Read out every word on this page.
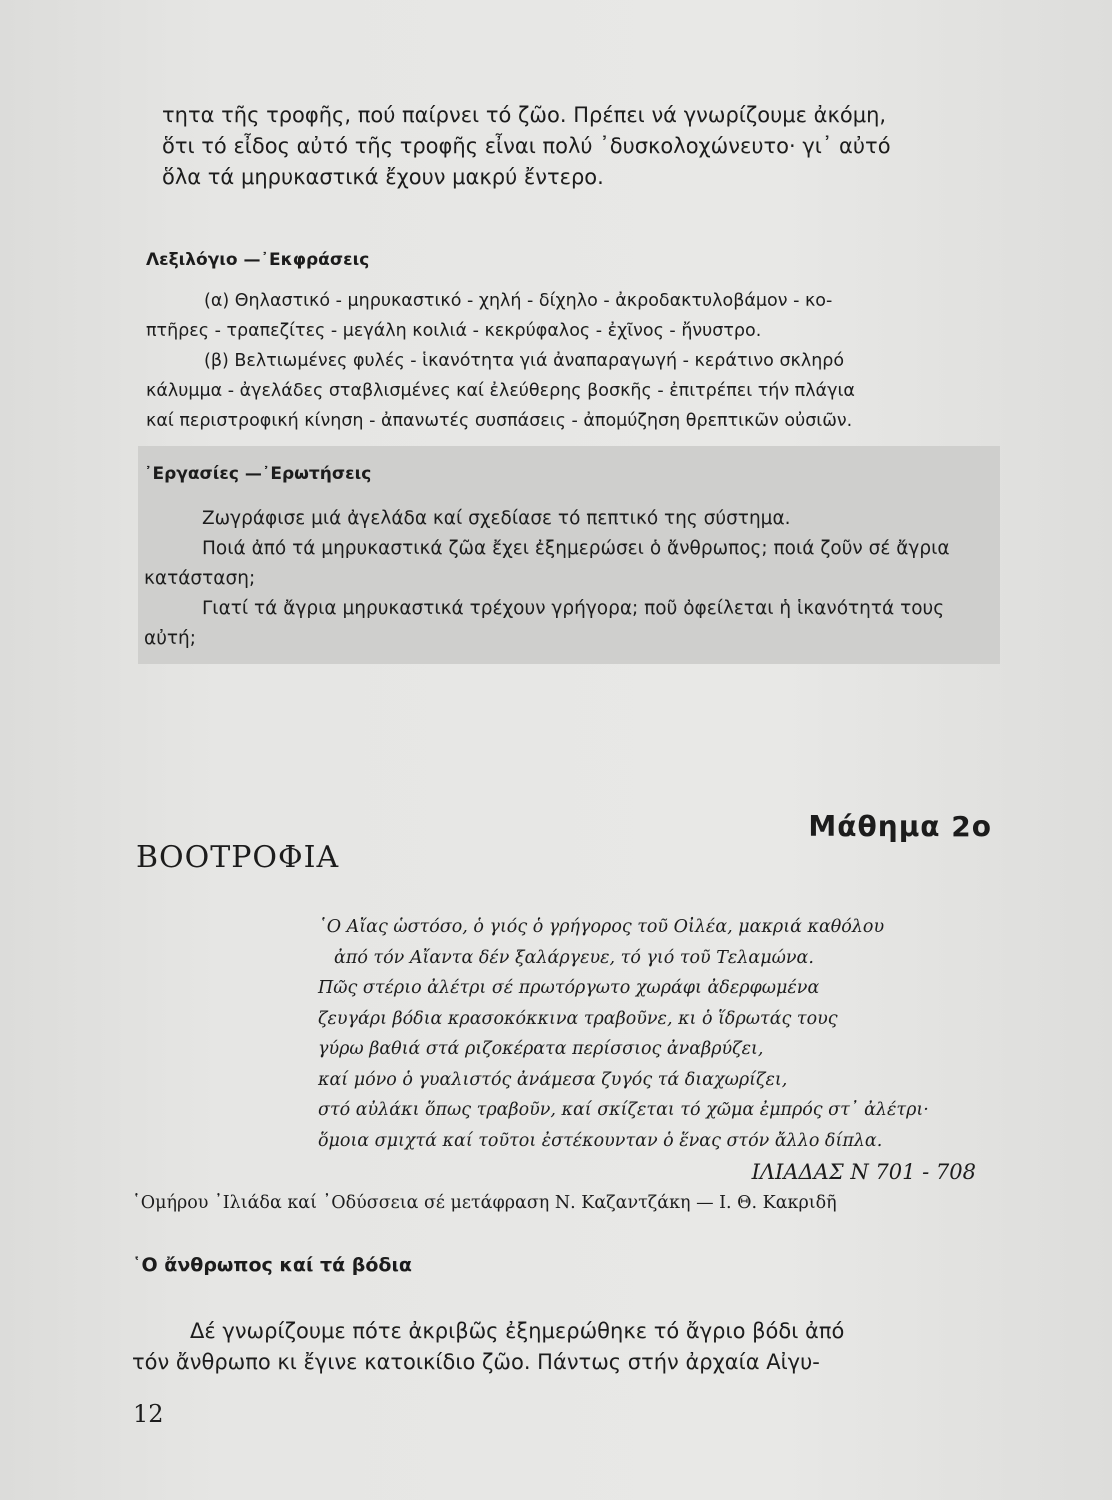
τητα τῆς τροφῆς, πού παίρνει τό ζῶο. Πρέπει νά γνωρίζουμε ἀκόμη,

ὅτι τό εἶδος αὐτό τῆς τροφῆς εἶναι πολύ ᾿δυσκολοχώνευτο· γι᾽ αὐτό

ὅλα τά μηρυκαστικά ἔχουν μακρύ ἔντερο.

Λεξιλόγιο —᾿Εκφράσεις

(α) Θηλαστικό - μηρυκαστικό - χηλή - δίχηλο - ἀκροδακτυλοβάμον - κο-

πτῆρες - τραπεζίτες - μεγάλη κοιλιά - κεκρύφαλος - ἐχῖνος - ἤνυστρο.

(β) Βελτιωμένες φυλές - ἱκανότητα γιά ἀναπαραγωγή - κεράτινο σκληρό

κάλυμμα - ἀγελάδες σταβλισμένες καί ἐλεύθερης βοσκῆς - ἐπιτρέπει τήν πλάγια

καί περιστροφική κίνηση - ἀπανωτές συσπάσεις - ἀπομύζηση θρεπτικῶν οὐσιῶν.

᾿Εργασίες —᾿Ερωτήσεις

Ζωγράφισε μιά ἀγελάδα καί σχεδίασε τό πεπτικό της σύστημα.

Ποιά ἀπό τά μηρυκαστικά ζῶα ἔχει ἐξημερώσει ὁ ἄνθρωπος; ποιά ζοῦν σέ ἄγρια κατάσταση;

Γιατί τά ἄγρια μηρυκαστικά τρέχουν γρήγορα; ποῦ ὀφείλεται ἡ ἱκανότητά τους αὐτή;

Μάθημα 2ο
ΒΟΟΤΡΟΦΙΑ

῾Ο Αἴας ὡστόσο, ὁ γιός ὁ γρήγορος τοῦ Οἰλέα, μακριά καθόλου

ἀπό τόν Αἴαντα δέν ξαλάργευε, τό γιό τοῦ Τελαμώνα.

Πῶς στέριο ἀλέτρι σέ πρωτόργωτο χωράφι ἀδερφωμένα

ζευγάρι βόδια κρασοκόκκινα τραβοῦνε, κι ὁ ἵδρωτάς τους

γύρω βαθιά στά ριζοκέρατα περίσσιος ἀναβρύζει,

καί μόνο ὁ γυαλιστός ἀνάμεσα ζυγός τά διαχωρίζει,

στό αὐλάκι ὅπως τραβοῦν, καί σκίζεται τό χῶμα ἐμπρός στ᾽ ἀλέτρι·

ὅμοια σμιχτά καί τοῦτοι ἐστέκουνταν ὁ ἕνας στόν ἄλλο δίπλα.

ΙΛΙΑΔΑΣ Ν 701 - 708
῾Ομήρου ᾿Ιλιάδα καί ᾿Οδύσσεια σέ μετάφραση Ν. Καζαντζάκη — Ι. Θ. Κακριδῆ
῾Ο ἄνθρωπος καί τά βόδια

Δέ γνωρίζουμε πότε ἀκριβῶς ἐξημερώθηκε τό ἄγριο βόδι ἀπό

τόν ἄνθρωπο κι ἔγινε κατοικίδιο ζῶο. Πάντως στήν ἀρχαία Αἰγυ-

12
